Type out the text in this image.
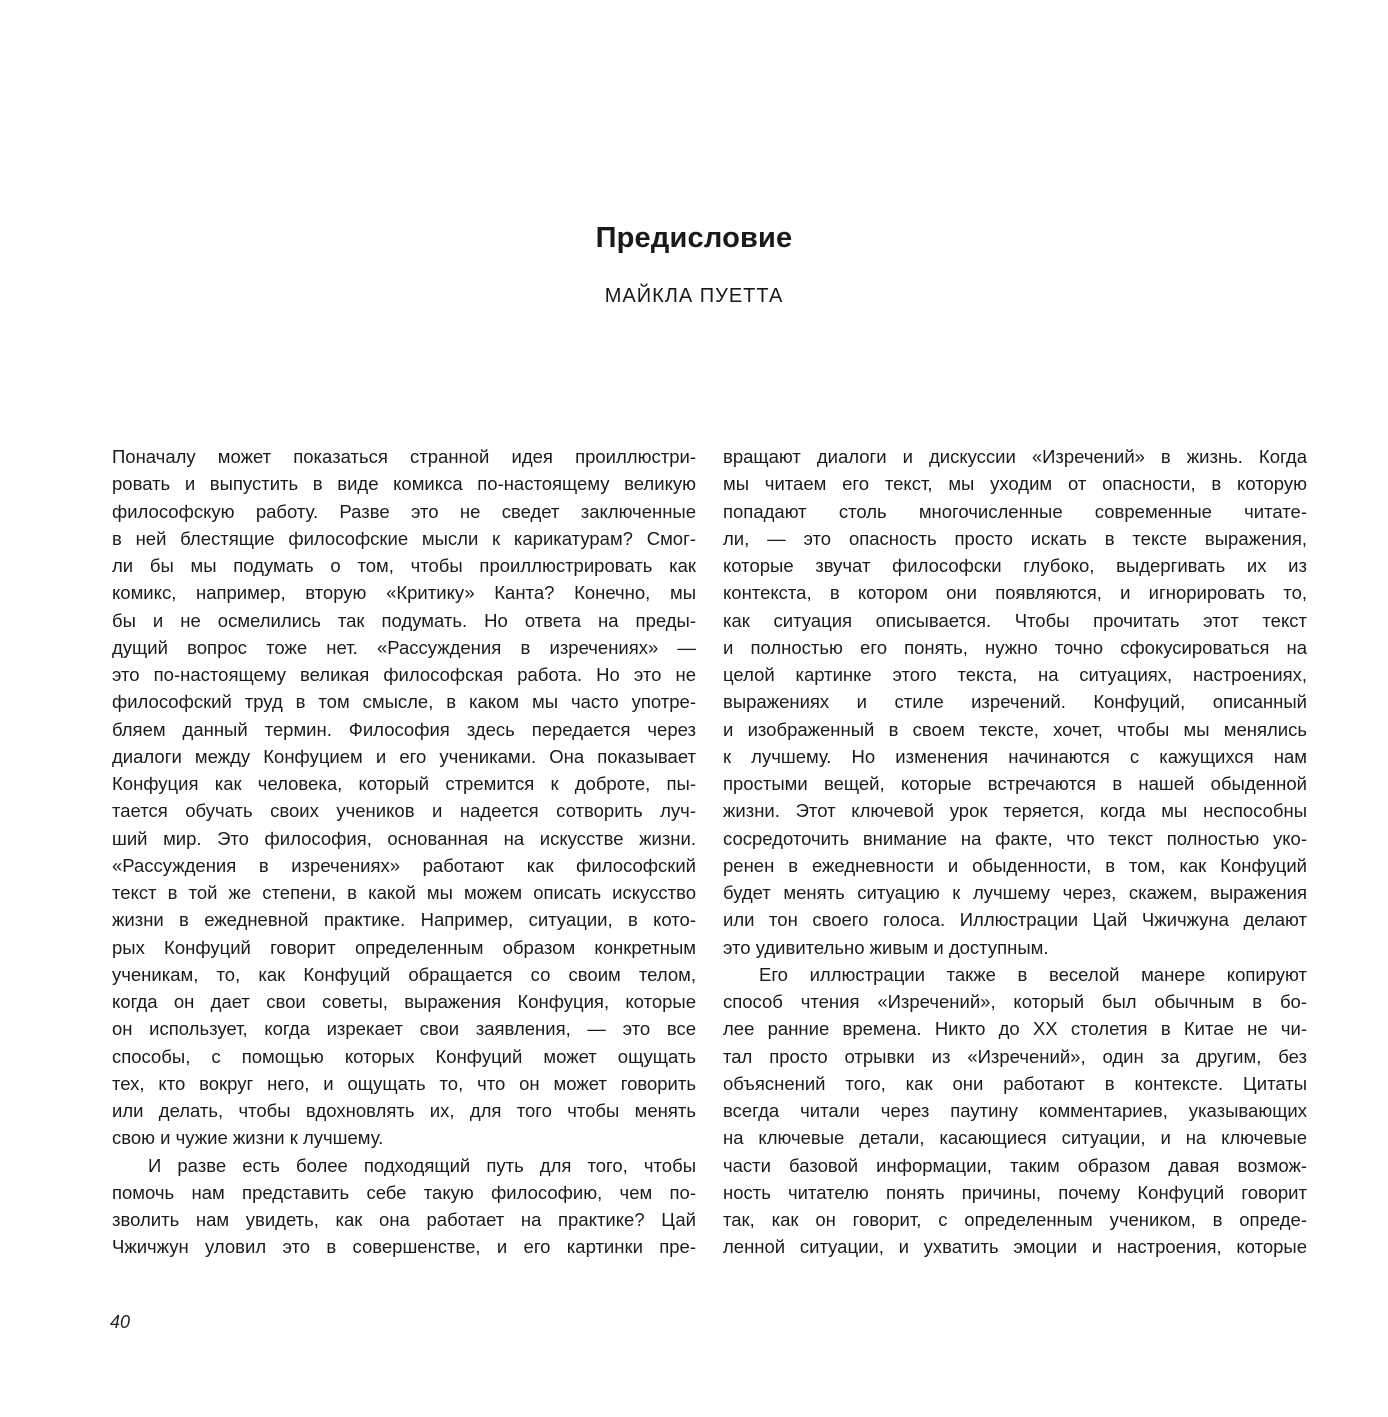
Предисловие
МАЙКЛА ПУЕТТА
Поначалу может показаться странной идея проиллюстри-
ровать и выпустить в виде комикса по-настоящему великую
философскую работу. Разве это не сведет заключенные
в ней блестящие философские мысли к карикатурам? Смог-
ли бы мы подумать о том, чтобы проиллюстрировать как
комикс, например, вторую «Критику» Канта? Конечно, мы
бы и не осмелились так подумать. Но ответа на преды-
дущий вопрос тоже нет. «Рассуждения в изречениях» —
это по-настоящему великая философская работа. Но это не
философский труд в том смысле, в каком мы часто употре-
бляем данный термин. Философия здесь передается через
диалоги между Конфуцием и его учениками. Она показывает
Конфуция как человека, который стремится к доброте, пы-
тается обучать своих учеников и надеется сотворить луч-
ший мир. Это философия, основанная на искусстве жизни.
«Рассуждения в изречениях» работают как философский
текст в той же степени, в какой мы можем описать искусство
жизни в ежедневной практике. Например, ситуации, в кото-
рых Конфуций говорит определенным образом конкретным
ученикам, то, как Конфуций обращается со своим телом,
когда он дает свои советы, выражения Конфуция, которые
он использует, когда изрекает свои заявления, — это все
способы, с помощью которых Конфуций может ощущать
тех, кто вокруг него, и ощущать то, что он может говорить
или делать, чтобы вдохновлять их, для того чтобы менять
свою и чужие жизни к лучшему.
И разве есть более подходящий путь для того, чтобы
помочь нам представить себе такую философию, чем по-
зволить нам увидеть, как она работает на практике? Цай
Чжичжун уловил это в совершенстве, и его картинки пре-
вращают диалоги и дискуссии «Изречений» в жизнь. Когда
мы читаем его текст, мы уходим от опасности, в которую
попадают столь многочисленные современные читате-
ли, — это опасность просто искать в тексте выражения,
которые звучат философски глубоко, выдергивать их из
контекста, в котором они появляются, и игнорировать то,
как ситуация описывается. Чтобы прочитать этот текст
и полностью его понять, нужно точно сфокусироваться на
целой картинке этого текста, на ситуациях, настроениях,
выражениях и стиле изречений. Конфуций, описанный
и изображенный в своем тексте, хочет, чтобы мы менялись
к лучшему. Но изменения начинаются с кажущихся нам
простыми вещей, которые встречаются в нашей обыденной
жизни. Этот ключевой урок теряется, когда мы неспособны
сосредоточить внимание на факте, что текст полностью уко-
ренен в ежедневности и обыденности, в том, как Конфуций
будет менять ситуацию к лучшему через, скажем, выражения
или тон своего голоса. Иллюстрации Цай Чжичжуна делают
это удивительно живым и доступным.
Его иллюстрации также в веселой манере копируют
способ чтения «Изречений», который был обычным в бо-
лее ранние времена. Никто до XX столетия в Китае не чи-
тал просто отрывки из «Изречений», один за другим, без
объяснений того, как они работают в контексте. Цитаты
всегда читали через паутину комментариев, указывающих
на ключевые детали, касающиеся ситуации, и на ключевые
части базовой информации, таким образом давая возмож-
ность читателю понять причины, почему Конфуций говорит
так, как он говорит, с определенным учеником, в опреде-
ленной ситуации, и ухватить эмоции и настроения, которые
40
